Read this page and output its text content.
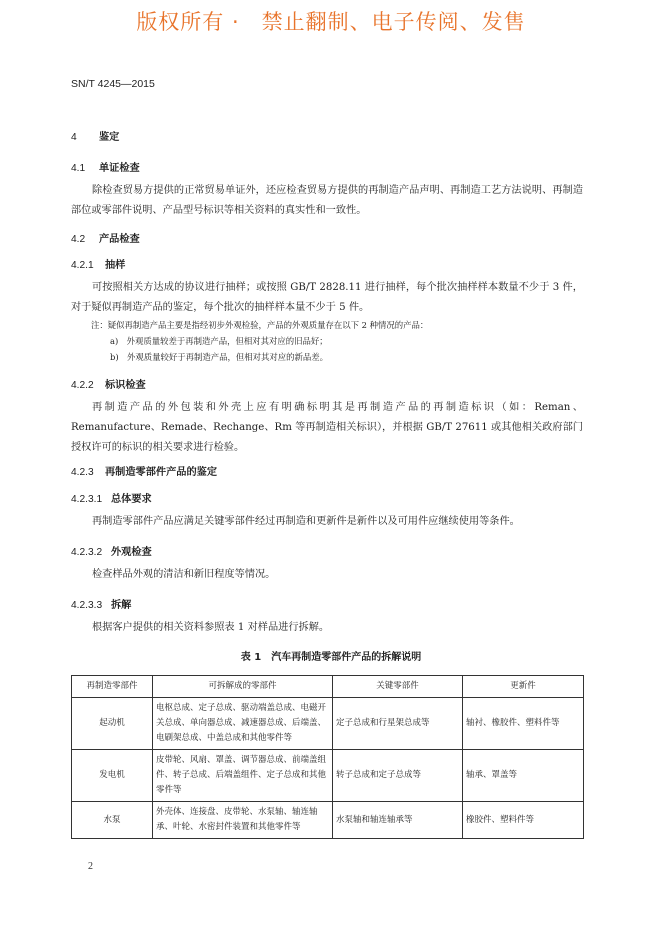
版权所有 ·　禁止翻制、电子传阅、发售
SN/T 4245—2015
4 鉴定
4.1 单证检查
除检查贸易方提供的正常贸易单证外，还应检查贸易方提供的再制造产品声明、再制造工艺方法说明、再制造部位或零部件说明、产品型号标识等相关资料的真实性和一致性。
4.2 产品检查
4.2.1 抽样
可按照相关方达成的协议进行抽样；或按照 GB/T 2828.11 进行抽样，每个批次抽样样本数量不少于 3 件，对于疑似再制造产品的鉴定，每个批次的抽样样本量不少于 5 件。
注：疑似再制造产品主要是指经初步外观检验，产品的外观质量存在以下 2 种情况的产品：
a)　外观质量较差于再制造产品，但相对其对应的旧品好；
b)　外观质量较好于再制造产品，但相对其对应的新品差。
4.2.2 标识检查
再制造产品的外包装和外壳上应有明确标明其是再制造产品的再制造标识（如：Reman、Remanufacture、Remade、Rechange、Rm 等再制造相关标识），并根据 GB/T 27611 或其他相关政府部门授权许可的标识的相关要求进行检验。
4.2.3 再制造零部件产品的鉴定
4.2.3.1 总体要求
再制造零部件产品应满足关键零部件经过再制造和更新件是新件以及可用件应继续使用等条件。
4.2.3.2 外观检查
检查样品外观的清洁和新旧程度等情况。
4.2.3.3 拆解
根据客户提供的相关资料参照表 1 对样品进行拆解。
表 1　汽车再制造零部件产品的拆解说明
再制造零部件	可拆解成的零部件	关键零部件	更新件
起动机	电枢总成、定子总成、驱动端盖总成、电磁开关总成、单向器总成、减速器总成、后端盖、电刷架总成、中盖总成和其他零件等	定子总成和行星架总成等	轴衬、橡胶件、塑料件等
发电机	皮带轮、风扇、罩盖、调节器总成、前端盖组件、转子总成、后端盖组件、定子总成和其他零件等	转子总成和定子总成等	轴承、罩盖等
水泵	外壳体、连接盘、皮带轮、水泵轴、轴连轴承、叶轮、水密封件装置和其他零件等	水泵轴和轴连轴承等	橡胶件、塑料件等
2
